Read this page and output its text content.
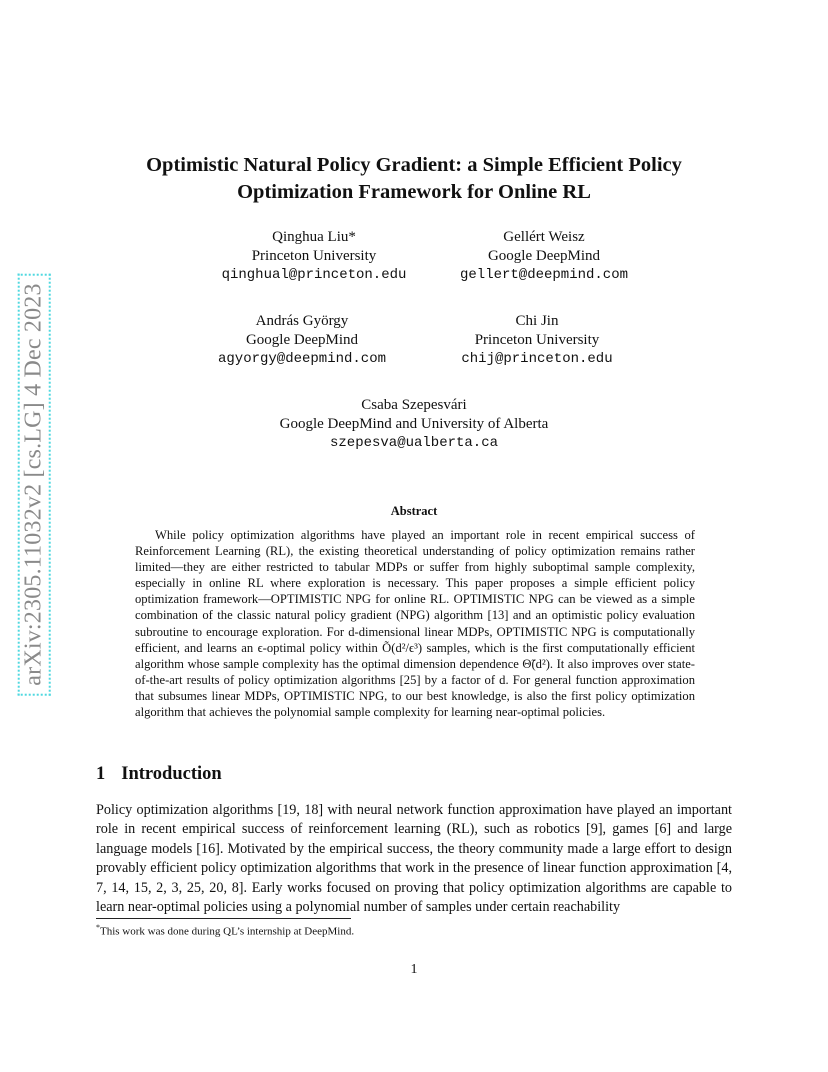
arXiv:2305.11032v2 [cs.LG] 4 Dec 2023
Optimistic Natural Policy Gradient: a Simple Efficient Policy Optimization Framework for Online RL
Qinghua Liu*
Princeton University
qinghual@princeton.edu
Gellért Weisz
Google DeepMind
gellert@deepmind.com
András György
Google DeepMind
agyorgy@deepmind.com
Chi Jin
Princeton University
chij@princeton.edu
Csaba Szepesvári
Google DeepMind and University of Alberta
szepesva@ualberta.ca
Abstract

While policy optimization algorithms have played an important role in recent empirical success of Reinforcement Learning (RL), the existing theoretical understanding of policy optimization remains rather limited—they are either restricted to tabular MDPs or suffer from highly suboptimal sample complexity, especially in online RL where exploration is necessary. This paper proposes a simple efficient policy optimization framework—OPTIMISTIC NPG for online RL. OPTIMISTIC NPG can be viewed as a simple combination of the classic natural policy gradient (NPG) algorithm [13] and an optimistic policy evaluation subroutine to encourage exploration. For d-dimensional linear MDPs, OPTIMISTIC NPG is computationally efficient, and learns an ϵ-optimal policy within Õ(d²/ϵ³) samples, which is the first computationally efficient algorithm whose sample complexity has the optimal dimension dependence Θ̃(d²). It also improves over state-of-the-art results of policy optimization algorithms [25] by a factor of d. For general function approximation that subsumes linear MDPs, OPTIMISTIC NPG, to our best knowledge, is also the first policy optimization algorithm that achieves the polynomial sample complexity for learning near-optimal policies.

1 Introduction

Policy optimization algorithms [19, 18] with neural network function approximation have played an important role in recent empirical success of reinforcement learning (RL), such as robotics [9], games [6] and large language models [16]. Motivated by the empirical success, the theory community made a large effort to design provably efficient policy optimization algorithms that work in the presence of linear function approximation [4, 7, 14, 15, 2, 3, 25, 20, 8]. Early works focused on proving that policy optimization algorithms are capable to learn near-optimal policies using a polynomial number of samples under certain reachability

*This work was done during QL’s internship at DeepMind.
1
